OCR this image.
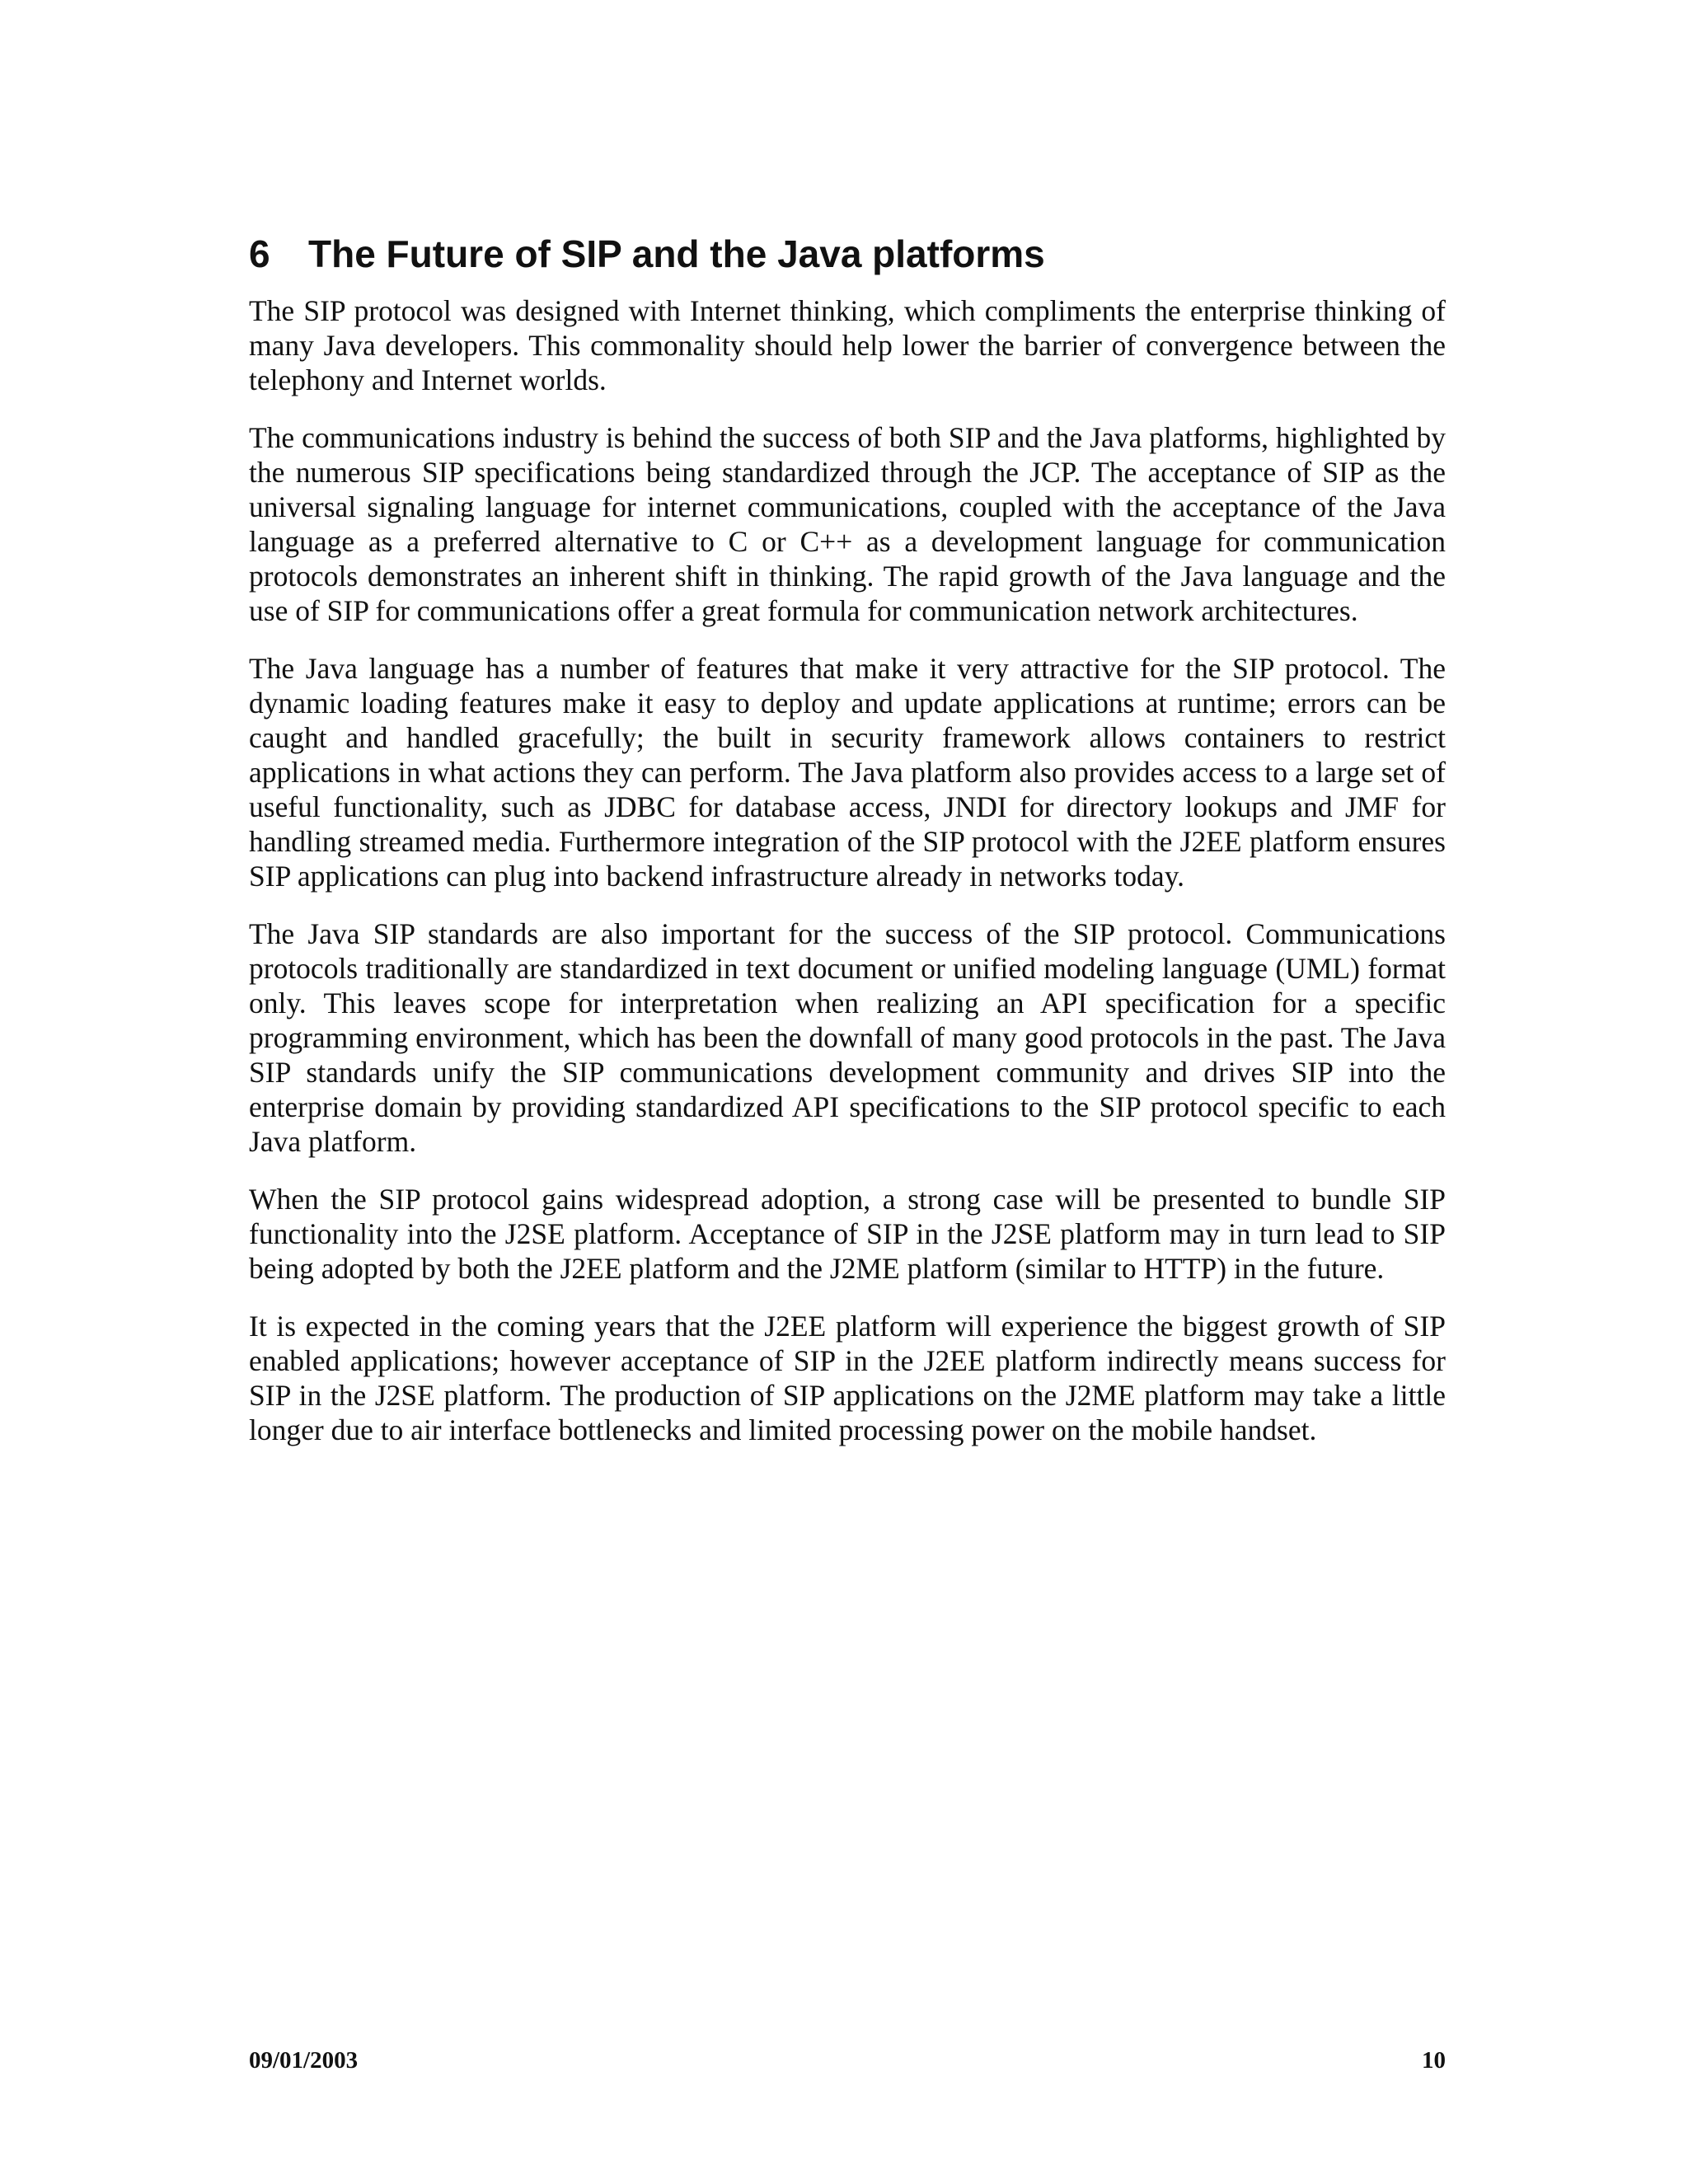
6	The Future of SIP and the Java platforms

The SIP protocol was designed with Internet thinking, which compliments the enterprise thinking of many Java developers. This commonality should help lower the barrier of convergence between the telephony and Internet worlds.

The communications industry is behind the success of both SIP and the Java platforms, highlighted by the numerous SIP specifications being standardized through the JCP. The acceptance of SIP as the universal signaling language for internet communications, coupled with the acceptance of the Java language as a preferred alternative to C or C++ as a development language for communication protocols demonstrates an inherent shift in thinking. The rapid growth of the Java language and the use of SIP for communications offer a great formula for communication network architectures.

The Java language has a number of features that make it very attractive for the SIP protocol. The dynamic loading features make it easy to deploy and update applications at runtime; errors can be caught and handled gracefully; the built in security framework allows containers to restrict applications in what actions they can perform. The Java platform also provides access to a large set of useful functionality, such as JDBC for database access, JNDI for directory lookups and JMF for handling streamed media. Furthermore integration of the SIP protocol with the J2EE platform ensures SIP applications can plug into backend infrastructure already in networks today.

The Java SIP standards are also important for the success of the SIP protocol. Communications protocols traditionally are standardized in text document or unified modeling language (UML) format only. This leaves scope for interpretation when realizing an API specification for a specific programming environment, which has been the downfall of many good protocols in the past. The Java SIP standards unify the SIP communications development community and drives SIP into the enterprise domain by providing standardized API specifications to the SIP protocol specific to each Java platform.

When the SIP protocol gains widespread adoption, a strong case will be presented to bundle SIP functionality into the J2SE platform. Acceptance of SIP in the J2SE platform may in turn lead to SIP being adopted by both the J2EE platform and the J2ME platform (similar to HTTP) in the future.

It is expected in the coming years that the J2EE platform will experience the biggest growth of SIP enabled applications; however acceptance of SIP in the J2EE platform indirectly means success for SIP in the J2SE platform. The production of SIP applications on the J2ME platform may take a little longer due to air interface bottlenecks and limited processing power on the mobile handset.

09/01/2003	10
